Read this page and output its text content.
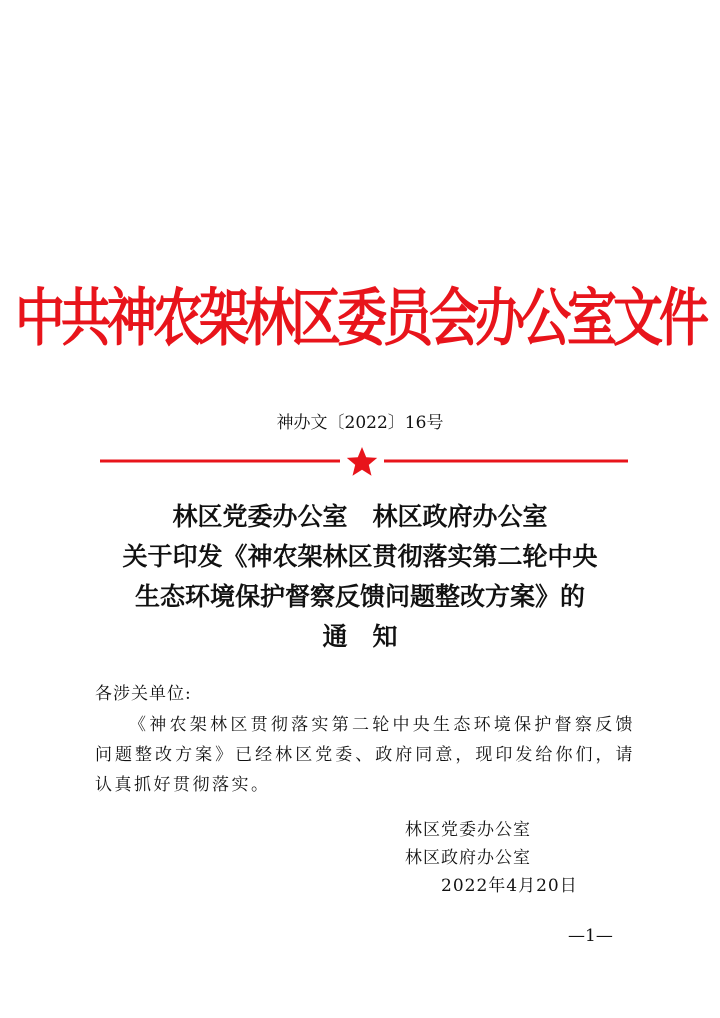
中共神农架林区委员会办公室文件
神办文〔2022〕16号
林区党委办公室　林区政府办公室
关于印发《神农架林区贯彻落实第二轮中央
生态环境保护督察反馈问题整改方案》的
通　知
各涉关单位:
《神农架林区贯彻落实第二轮中央生态环境保护督察反馈问题整改方案》已经林区党委、政府同意，现印发给你们，请认真抓好贯彻落实。
林区党委办公室
林区政府办公室
2022年4月20日
—1—
